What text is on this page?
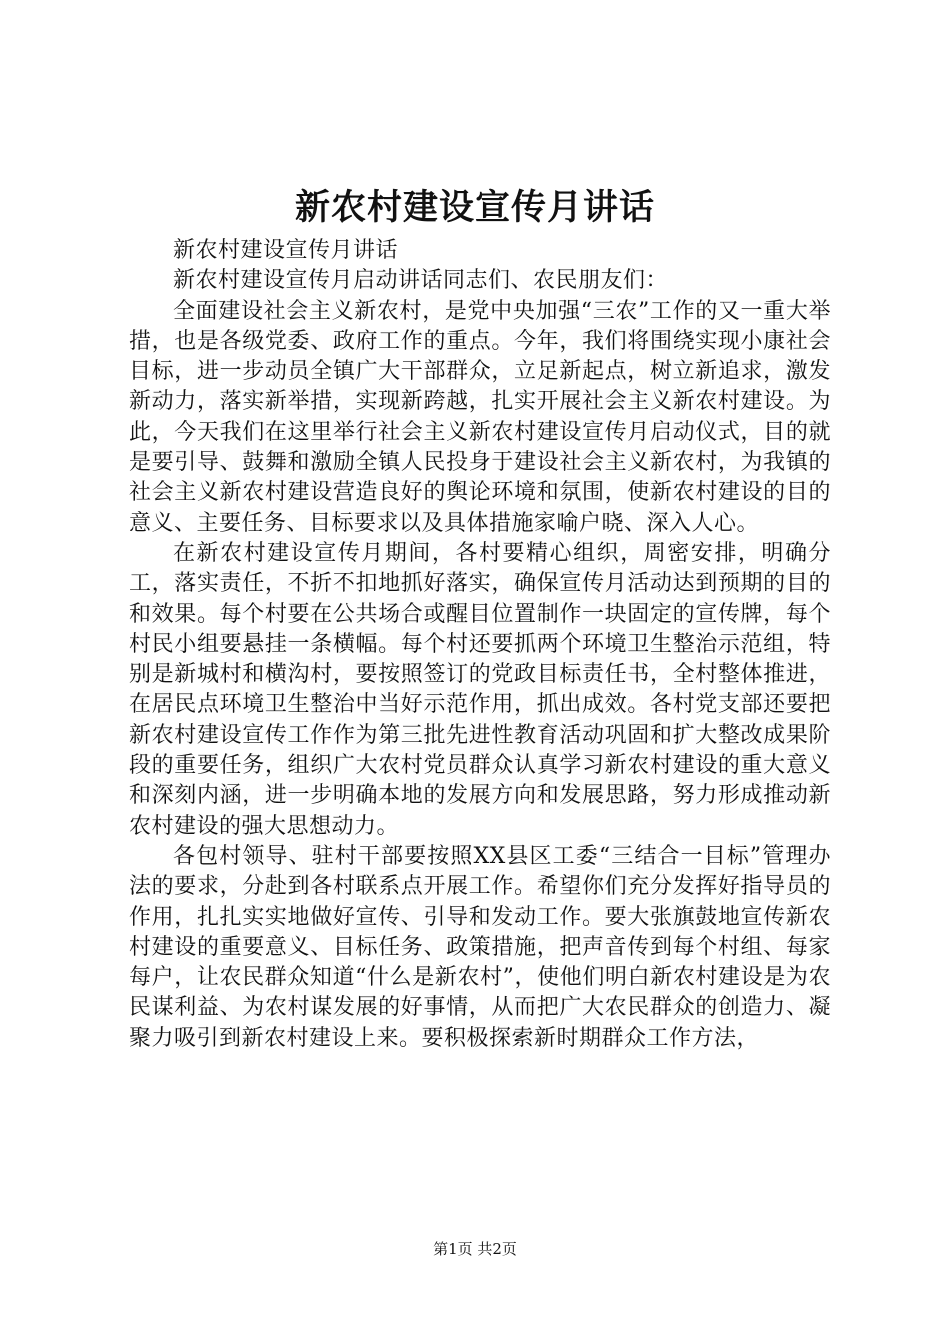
新农村建设宣传月讲话

新农村建设宣传月讲话

新农村建设宣传月启动讲话同志们、农民朋友们：

全面建设社会主义新农村，是党中央加强“三农”工作的又一重大举措，也是各级党委、政府工作的重点。今年，我们将围绕实现小康社会目标，进一步动员全镇广大干部群众，立足新起点，树立新追求，激发新动力，落实新举措，实现新跨越，扎实开展社会主义新农村建设。为此，今天我们在这里举行社会主义新农村建设宣传月启动仪式，目的就是要引导、鼓舞和激励全镇人民投身于建设社会主义新农村，为我镇的社会主义新农村建设营造良好的舆论环境和氛围，使新农村建设的目的意义、主要任务、目标要求以及具体措施家喻户晓、深入人心。

在新农村建设宣传月期间，各村要精心组织，周密安排，明确分工，落实责任，不折不扣地抓好落实，确保宣传月活动达到预期的目的和效果。每个村要在公共场合或醒目位置制作一块固定的宣传牌，每个村民小组要悬挂一条横幅。每个村还要抓两个环境卫生整治示范组，特别是新城村和横沟村，要按照签订的党政目标责任书，全村整体推进，在居民点环境卫生整治中当好示范作用，抓出成效。各村党支部还要把新农村建设宣传工作作为第三批先进性教育活动巩固和扩大整改成果阶段的重要任务，组织广大农村党员群众认真学习新农村建设的重大意义和深刻内涵，进一步明确本地的发展方向和发展思路，努力形成推动新农村建设的强大思想动力。

各包村领导、驻村干部要按照XX县区工委“三结合一目标”管理办法的要求，分赴到各村联系点开展工作。希望你们充分发挥好指导员的作用，扎扎实实地做好宣传、引导和发动工作。要大张旗鼓地宣传新农村建设的重要意义、目标任务、政策措施，把声音传到每个村组、每家每户，让农民群众知道“什么是新农村”，使他们明白新农村建设是为农民谋利益、为农村谋发展的好事情，从而把广大农民群众的创造力、凝聚力吸引到新农村建设上来。要积极探索新时期群众工作方法，

第1页 共2页
